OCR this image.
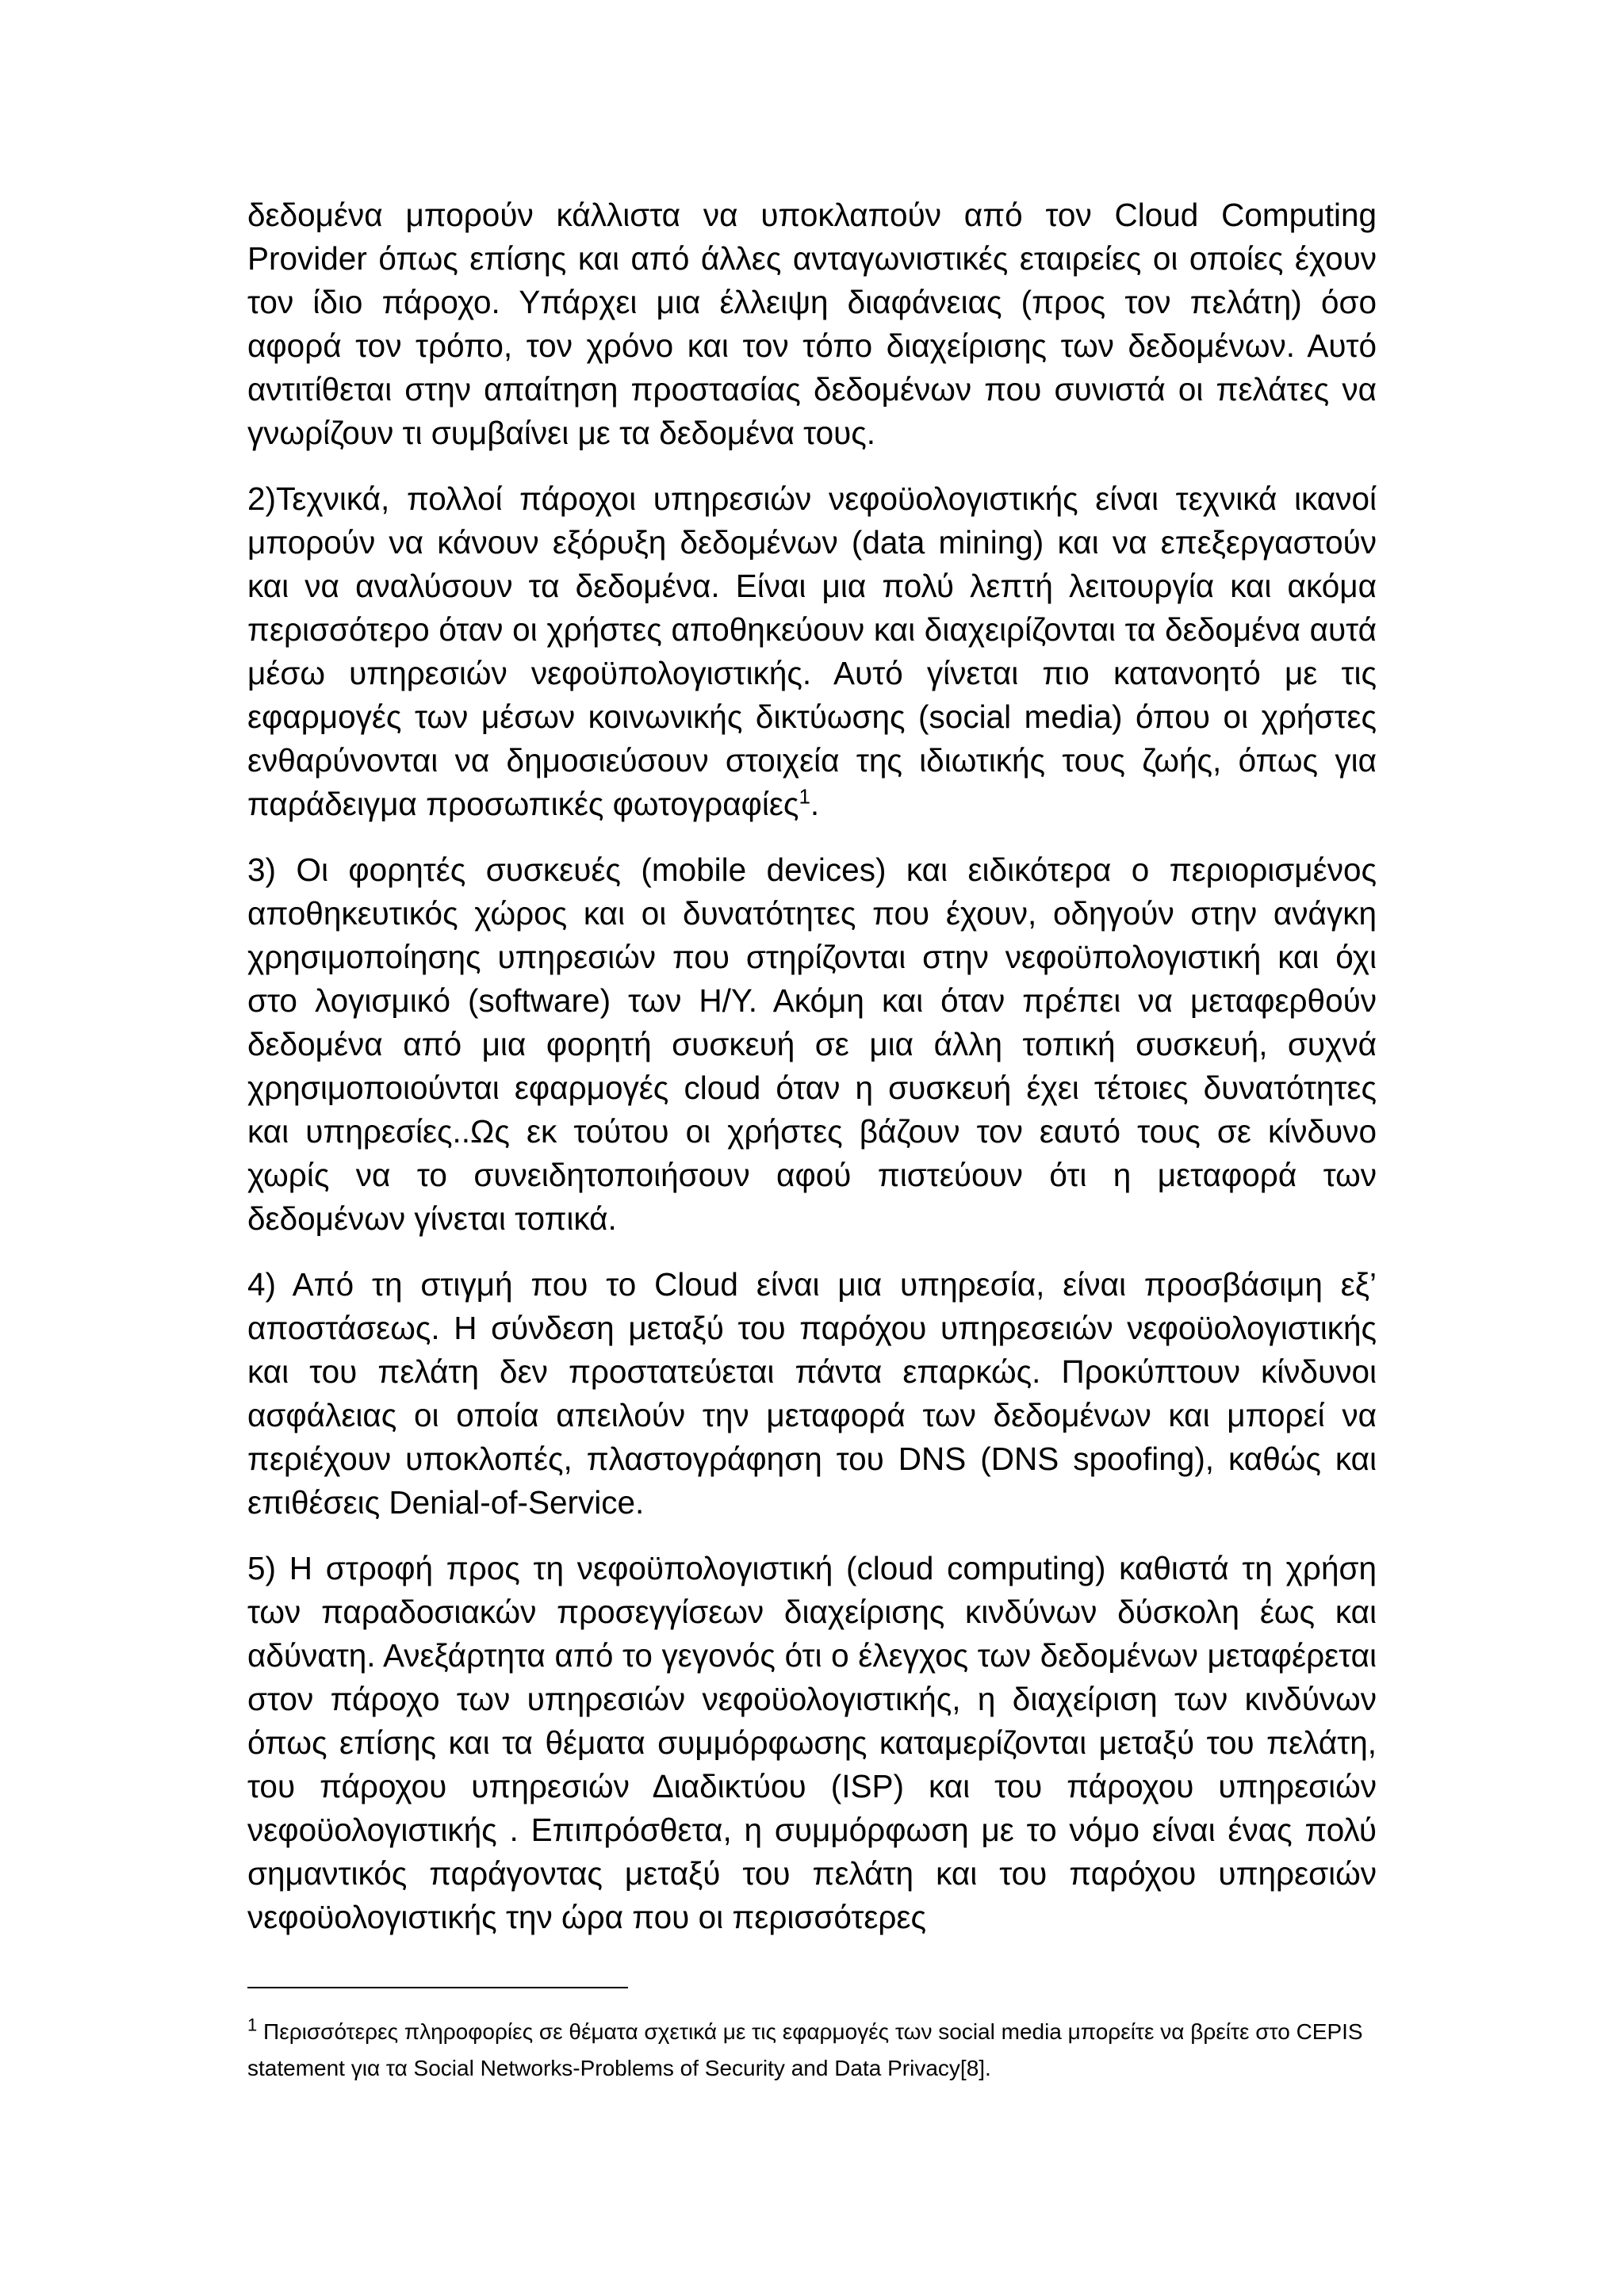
δεδομένα μπορούν κάλλιστα να υποκλαπούν από τον Cloud Computing Provider όπως επίσης και από άλλες ανταγωνιστικές εταιρείες οι οποίες έχουν τον ίδιο πάροχο. Υπάρχει μια έλλειψη διαφάνειας (προς τον πελάτη) όσο αφορά τον τρόπο, τον χρόνο και τον τόπο διαχείρισης των δεδομένων. Αυτό αντιτίθεται στην απαίτηση προστασίας δεδομένων που συνιστά οι πελάτες να γνωρίζουν τι συμβαίνει με τα δεδομένα τους.

2)Τεχνικά, πολλοί πάροχοι υπηρεσιών νεφοϋολογιστικής είναι τεχνικά ικανοί μπορούν να κάνουν εξόρυξη δεδομένων (data mining) και να επεξεργαστούν και να αναλύσουν τα δεδομένα. Είναι μια πολύ λεπτή λειτουργία και ακόμα περισσότερο όταν οι χρήστες αποθηκεύουν και διαχειρίζονται τα δεδομένα αυτά μέσω υπηρεσιών νεφοϋπολογιστικής. Αυτό γίνεται πιο κατανοητό με τις εφαρμογές των μέσων κοινωνικής δικτύωσης (social media) όπου οι χρήστες ενθαρύνονται να δημοσιεύσουν στοιχεία της ιδιωτικής τους ζωής, όπως για παράδειγμα προσωπικές φωτογραφίες$^1$.

3) Οι φορητές συσκευές (mobile devices) και ειδικότερα ο περιορισμένος αποθηκευτικός χώρος και οι δυνατότητες που έχουν, οδηγούν στην ανάγκη χρησιμοποίησης υπηρεσιών που στηρίζονται στην νεφοϋπολογιστική και όχι στο λογισμικό (software) των Η/Υ. Ακόμη και όταν πρέπει να μεταφερθούν δεδομένα από μια φορητή συσκευή σε μια άλλη τοπική συσκευή, συχνά χρησιμοποιούνται εφαρμογές cloud όταν η συσκευή έχει τέτοιες δυνατότητες και υπηρεσίες..Ως εκ τούτου οι χρήστες βάζουν τον εαυτό τους σε κίνδυνο χωρίς να το συνειδητοποιήσουν αφού πιστεύουν ότι η μεταφορά των δεδομένων γίνεται τοπικά.

4) Από τη στιγμή που το Cloud είναι μια υπηρεσία, είναι προσβάσιμη εξ’ αποστάσεως. Η σύνδεση μεταξύ του παρόχου υπηρεσειών νεφοϋολογιστικής και του πελάτη δεν προστατεύεται πάντα επαρκώς. Προκύπτουν κίνδυνοι ασφάλειας οι οποία απειλούν την μεταφορά των δεδομένων και μπορεί να περιέχουν υποκλοπές, πλαστογράφηση του DNS (DNS spoofing), καθώς και επιθέσεις Denial-of-Service.

5) Η στροφή προς τη νεφοϋπολογιστική (cloud computing) καθιστά τη χρήση των παραδοσιακών προσεγγίσεων διαχείρισης κινδύνων δύσκολη έως και αδύνατη. Ανεξάρτητα από το γεγονός ότι ο έλεγχος των δεδομένων μεταφέρεται στον πάροχο των υπηρεσιών νεφοϋολογιστικής, η διαχείριση των κινδύνων όπως επίσης και τα θέματα συμμόρφωσης καταμερίζονται μεταξύ του πελάτη, του πάροχου υπηρεσιών Διαδικτύου (ISP) και του πάροχου υπηρεσιών νεφοϋολογιστικής . Επιπρόσθετα, η συμμόρφωση με το νόμο είναι ένας πολύ σημαντικός παράγοντας μεταξύ του πελάτη και του παρόχου υπηρεσιών νεφοϋολογιστικής την ώρα που οι περισσότερες

$^1$ Περισσότερες πληροφορίες σε θέματα σχετικά με τις εφαρμογές των social media μπορείτε να βρείτε στο CEPIS statement για τα Social Networks-Problems of Security and Data Privacy[8].
